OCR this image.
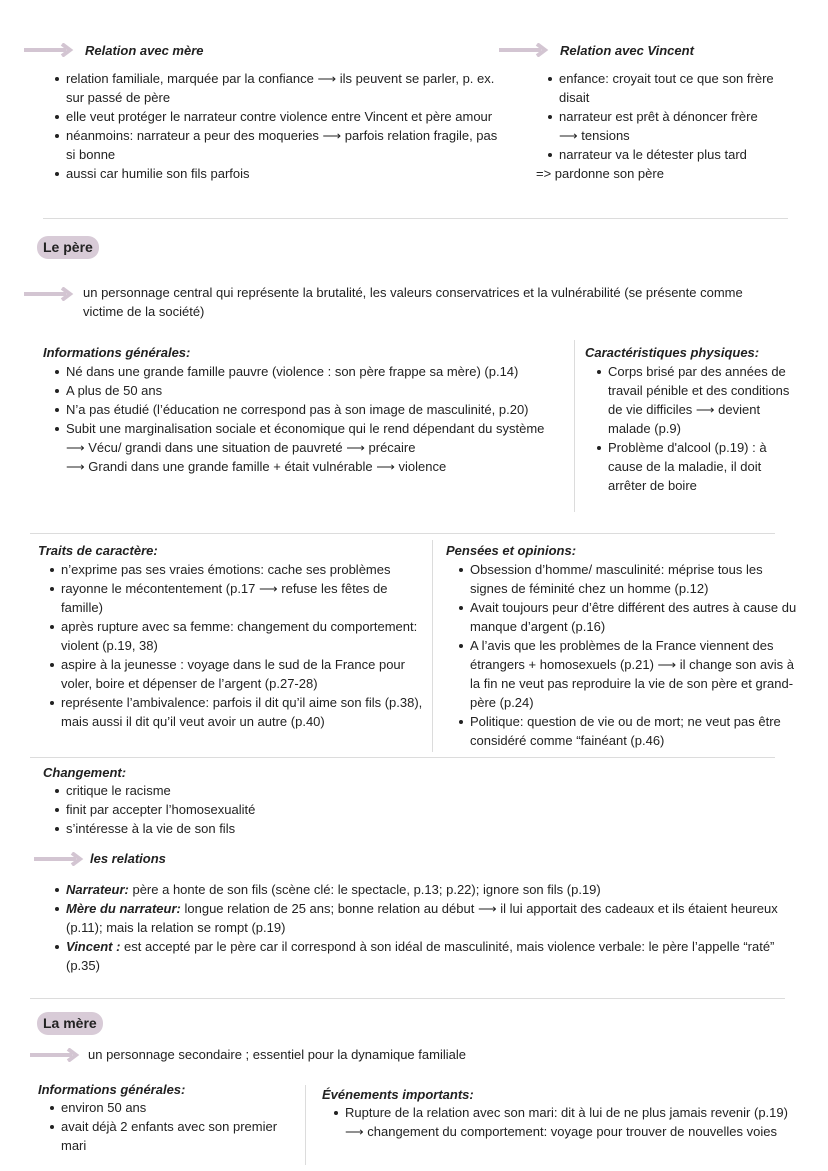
Relation avec mère
relation familiale, marquée par la confiance ⟶ ils peuvent se parler, p. ex. sur passé de père
elle veut protéger le narrateur contre violence entre Vincent et père amour
néanmoins: narrateur a peur des moqueries ⟶ parfois relation fragile, pas si bonne
aussi car humilie son fils parfois
Relation avec Vincent
enfance: croyait tout ce que son frère disait
narrateur est prêt à dénoncer frère
⟶ tensions
narrateur va le détester plus tard
=> pardonne son père
Le père
un personnage central qui représente la brutalité, les valeurs conservatrices et la vulnérabilité (se présente comme victime de la société)
Informations générales:
Né dans une grande famille pauvre (violence : son père frappe sa mère) (p.14)
A plus de 50 ans
N’a pas étudié (l’éducation ne correspond pas à son image de masculinité, p.20)
Subit une marginalisation sociale et économique qui le rend dépendant du système
⟶ Vécu/ grandi dans une situation de pauvreté ⟶ précaire
⟶ Grandi dans une grande famille + était vulnérable ⟶ violence
Caractéristiques physiques:
Corps brisé par des années de travail pénible et des conditions de vie difficiles ⟶ devient malade (p.9)
Problème d'alcool (p.19) : à cause de la maladie, il doit arrêter de boire
Traits de caractère:
n’exprime pas ses vraies émotions: cache ses problèmes
rayonne le mécontentement (p.17 ⟶ refuse les fêtes de famille)
après rupture avec sa femme: changement du comportement: violent (p.19, 38)
aspire à la jeunesse : voyage dans le sud de la France pour voler, boire et dépenser de l’argent (p.27-28)
représente l’ambivalence: parfois il dit qu’il aime son fils (p.38), mais aussi il dit qu’il veut avoir un autre (p.40)
Pensées et opinions:
Obsession d’homme/ masculinité: méprise tous les signes de féminité chez un homme (p.12)
Avait toujours peur d’être différent des autres à cause du manque d’argent (p.16)
A l’avis que les problèmes de la France viennent des étrangers + homosexuels (p.21) ⟶ il change son avis à la fin ne veut pas reproduire la vie de son père et grand-père (p.24)
Politique: question de vie ou de mort; ne veut pas être considéré comme “fainéant (p.46)
Changement:
critique le racisme
finit par accepter l’homosexualité
s’intéresse à la vie de son fils
les relations
Narrateur: père a honte de son fils (scène clé: le spectacle, p.13; p.22); ignore son fils (p.19)
Mère du narrateur: longue relation de 25 ans; bonne relation au début ⟶ il lui apportait des cadeaux et ils étaient heureux (p.11); mais la relation se rompt (p.19)
Vincent : est accepté par le père car il correspond à son idéal de masculinité, mais violence verbale: le père l’appelle “raté” (p.35)
La mère
un personnage secondaire ; essentiel pour la dynamique familiale
Informations générales:
environ 50 ans
avait déjà 2 enfants avec son premier mari
Événements importants:
Rupture de la relation avec son mari: dit à lui de ne plus jamais revenir (p.19)
⟶ changement du comportement: voyage pour trouver de nouvelles voies
